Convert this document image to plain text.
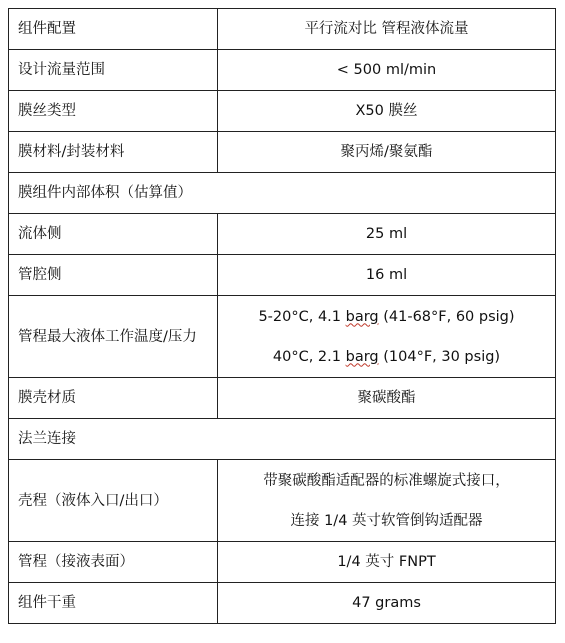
组件配置	平行流对比 管程液体流量
设计流量范围	< 500 ml/min
膜丝类型	X50 膜丝
膜材料/封装材料	聚丙烯/聚氨酯
膜组件内部体积（估算值）	
流体侧	25 ml
管腔侧	16 ml
管程最大液体工作温度/压力	5-20°C, 4.1 barg (41-68°F, 60 psig)
40°C, 2.1 barg (104°F, 30 psig)

膜壳材质	聚碳酸酯
法兰连接	
壳程（液体入口/出口）	带聚碳酸酯适配器的标准螺旋式接口，
连接 1/4 英寸软管倒钩适配器

管程（接液表面）	1/4 英寸 FNPT
组件干重	47 grams
